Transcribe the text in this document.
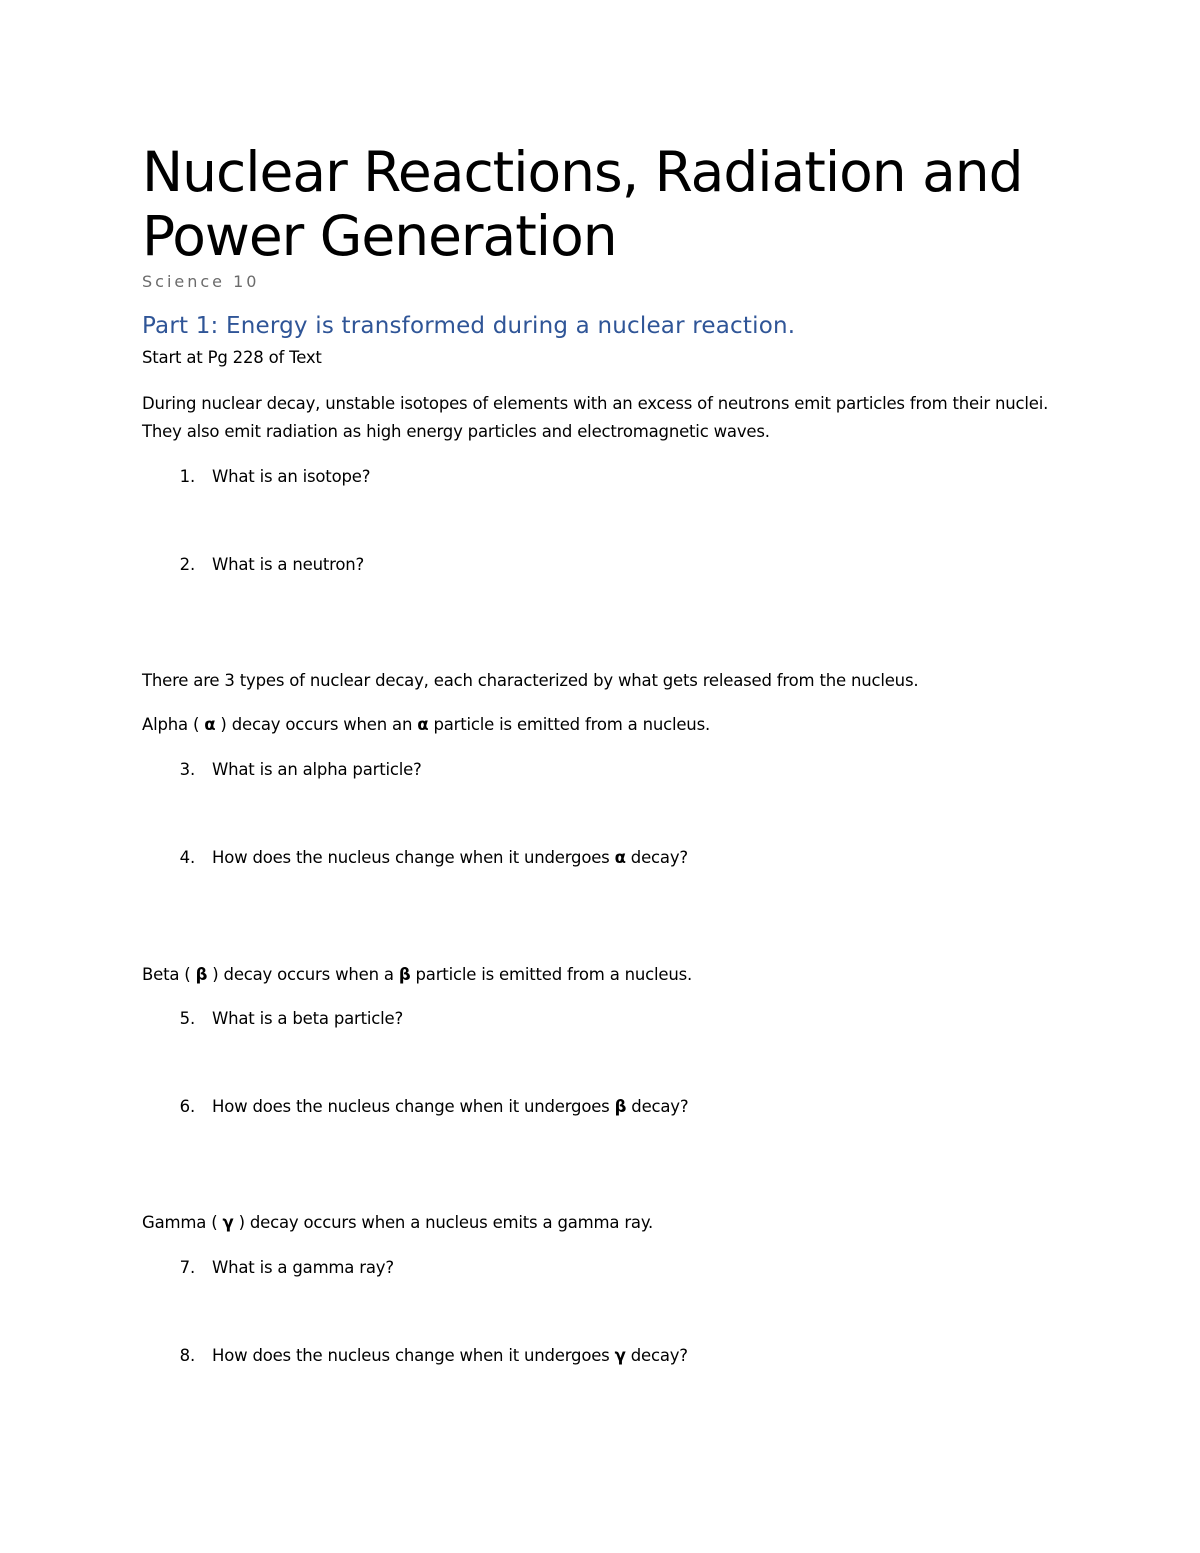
Nuclear Reactions, Radiation and Power Generation
Science 10
Part 1: Energy is transformed during a nuclear reaction.
Start at Pg 228 of Text
During nuclear decay, unstable isotopes of elements with an excess of neutrons emit particles from their nuclei. They also emit radiation as high energy particles and electromagnetic waves.
1. What is an isotope?
2. What is a neutron?
There are 3 types of nuclear decay, each characterized by what gets released from the nucleus.
Alpha ( α ) decay occurs when an α particle is emitted from a nucleus.
3. What is an alpha particle?
4. How does the nucleus change when it undergoes α decay?
Beta ( β ) decay occurs when a β particle is emitted from a nucleus.
5. What is a beta particle?
6. How does the nucleus change when it undergoes β decay?
Gamma ( γ ) decay occurs when a nucleus emits a gamma ray.
7. What is a gamma ray?
8. How does the nucleus change when it undergoes γ decay?
